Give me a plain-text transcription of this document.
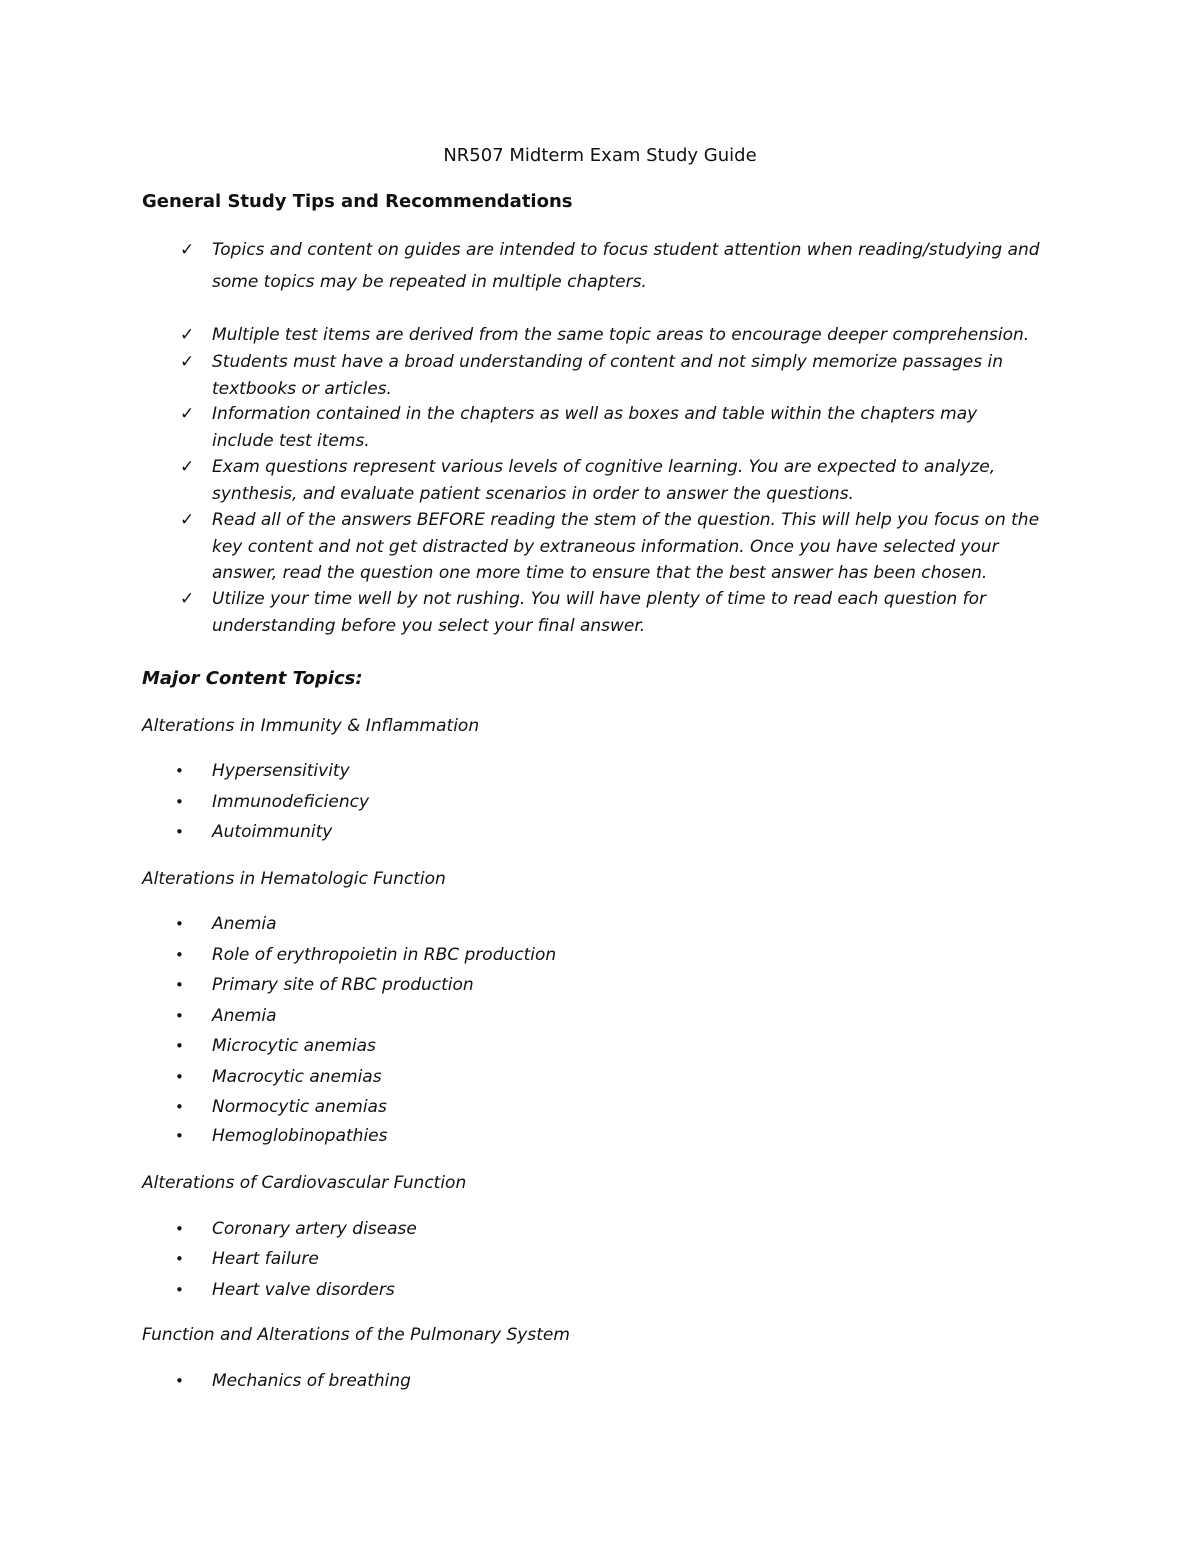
NR507 Midterm Exam Study Guide
General Study Tips and Recommendations
✓ Topics and content on guides are intended to focus student attention when reading/studying and
some topics may be repeated in multiple chapters.
✓ Multiple test items are derived from the same topic areas to encourage deeper comprehension.
✓ Students must have a broad understanding of content and not simply memorize passages in
textbooks or articles.
✓ Information contained in the chapters as well as boxes and table within the chapters may
include test items.
✓ Exam questions represent various levels of cognitive learning. You are expected to analyze,
synthesis, and evaluate patient scenarios in order to answer the questions.
✓ Read all of the answers BEFORE reading the stem of the question. This will help you focus on the
key content and not get distracted by extraneous information. Once you have selected your
answer, read the question one more time to ensure that the best answer has been chosen.
✓ Utilize your time well by not rushing. You will have plenty of time to read each question for
understanding before you select your final answer.
Major Content Topics:
Alterations in Immunity & Inflammation
• Hypersensitivity
• Immunodeficiency
• Autoimmunity
Alterations in Hematologic Function
• Anemia
• Role of erythropoietin in RBC production
• Primary site of RBC production
• Anemia
• Microcytic anemias
• Macrocytic anemias
• Normocytic anemias
• Hemoglobinopathies
Alterations of Cardiovascular Function
• Coronary artery disease
• Heart failure
• Heart valve disorders
Function and Alterations of the Pulmonary System
• Mechanics of breathing
